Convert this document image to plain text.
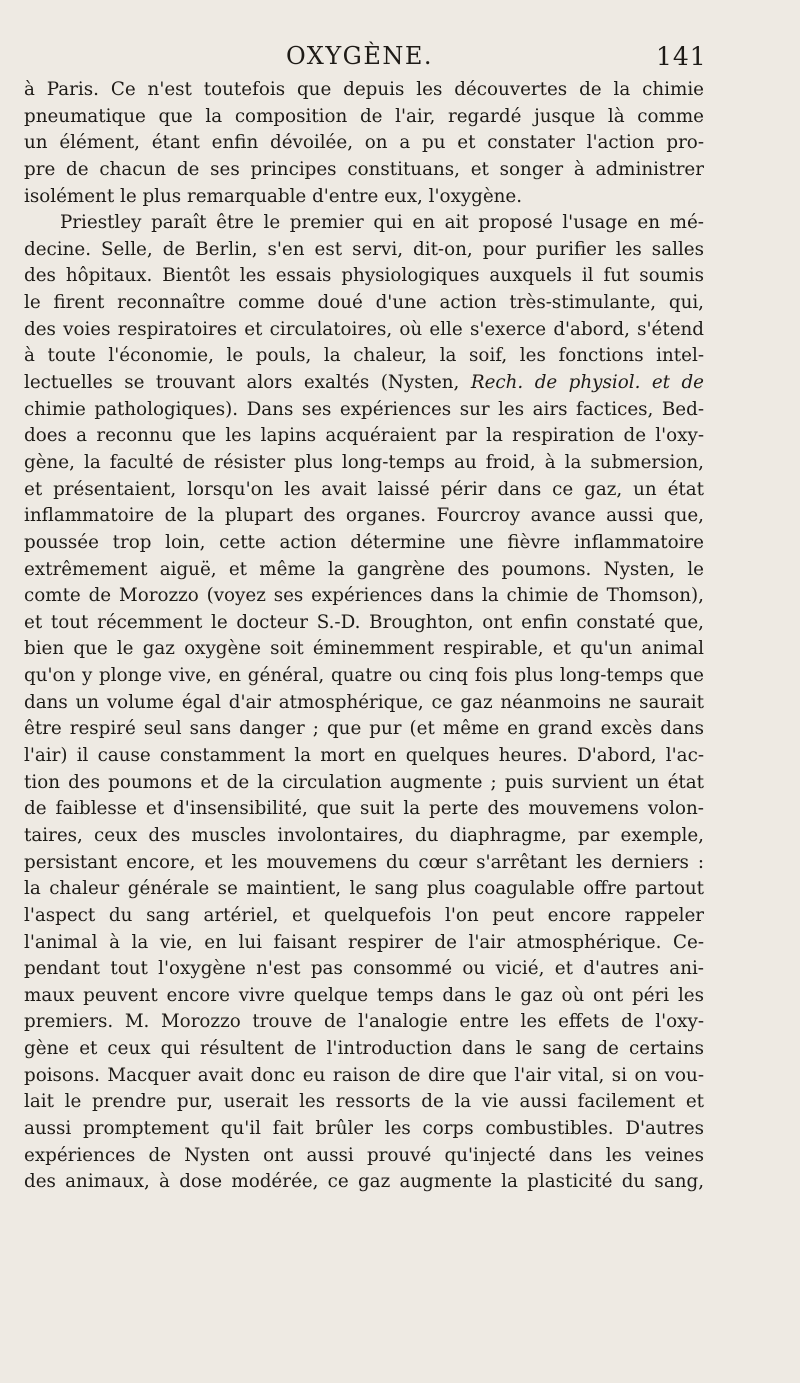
OXYGÈNE.	141
à Paris. Ce n'est toutefois que depuis les découvertes de la chimie
pneumatique que la composition de l'air, regardé jusque là comme
un élément, étant enfin dévoilée, on a pu et constater l'action pro-
pre de chacun de ses principes constituans, et songer à administrer
isolément le plus remarquable d'entre eux, l'oxygène.
Priestley paraît être le premier qui en ait proposé l'usage en mé-
decine. Selle, de Berlin, s'en est servi, dit-on, pour purifier les salles
des hôpitaux. Bientôt les essais physiologiques auxquels il fut soumis
le firent reconnaître comme doué d'une action très-stimulante, qui,
des voies respiratoires et circulatoires, où elle s'exerce d'abord, s'étend
à toute l'économie, le pouls, la chaleur, la soif, les fonctions intel-
lectuelles se trouvant alors exaltés (Nysten, Rech. de physiol. et de
chimie pathologiques). Dans ses expériences sur les airs factices, Bed-
does a reconnu que les lapins acquéraient par la respiration de l'oxy-
gène, la faculté de résister plus long-temps au froid, à la submersion,
et présentaient, lorsqu'on les avait laissé périr dans ce gaz, un état
inflammatoire de la plupart des organes. Fourcroy avance aussi que,
poussée trop loin, cette action détermine une fièvre inflammatoire
extrêmement aiguë, et même la gangrène des poumons. Nysten, le
comte de Morozzo (voyez ses expériences dans la chimie de Thomson),
et tout récemment le docteur S.-D. Broughton, ont enfin constaté que,
bien que le gaz oxygène soit éminemment respirable, et qu'un animal
qu'on y plonge vive, en général, quatre ou cinq fois plus long-temps que
dans un volume égal d'air atmosphérique, ce gaz néanmoins ne saurait
être respiré seul sans danger ; que pur (et même en grand excès dans
l'air) il cause constamment la mort en quelques heures. D'abord, l'ac-
tion des poumons et de la circulation augmente ; puis survient un état
de faiblesse et d'insensibilité, que suit la perte des mouvemens volon-
taires, ceux des muscles involontaires, du diaphragme, par exemple,
persistant encore, et les mouvemens du cœur s'arrêtant les derniers :
la chaleur générale se maintient, le sang plus coagulable offre partout
l'aspect du sang artériel, et quelquefois l'on peut encore rappeler
l'animal à la vie, en lui faisant respirer de l'air atmosphérique. Ce-
pendant tout l'oxygène n'est pas consommé ou vicié, et d'autres ani-
maux peuvent encore vivre quelque temps dans le gaz où ont péri les
premiers. M. Morozzo trouve de l'analogie entre les effets de l'oxy-
gène et ceux qui résultent de l'introduction dans le sang de certains
poisons. Macquer avait donc eu raison de dire que l'air vital, si on vou-
lait le prendre pur, userait les ressorts de la vie aussi facilement et
aussi promptement qu'il fait brûler les corps combustibles. D'autres
expériences de Nysten ont aussi prouvé qu'injecté dans les veines
des animaux, à dose modérée, ce gaz augmente la plasticité du sang,
